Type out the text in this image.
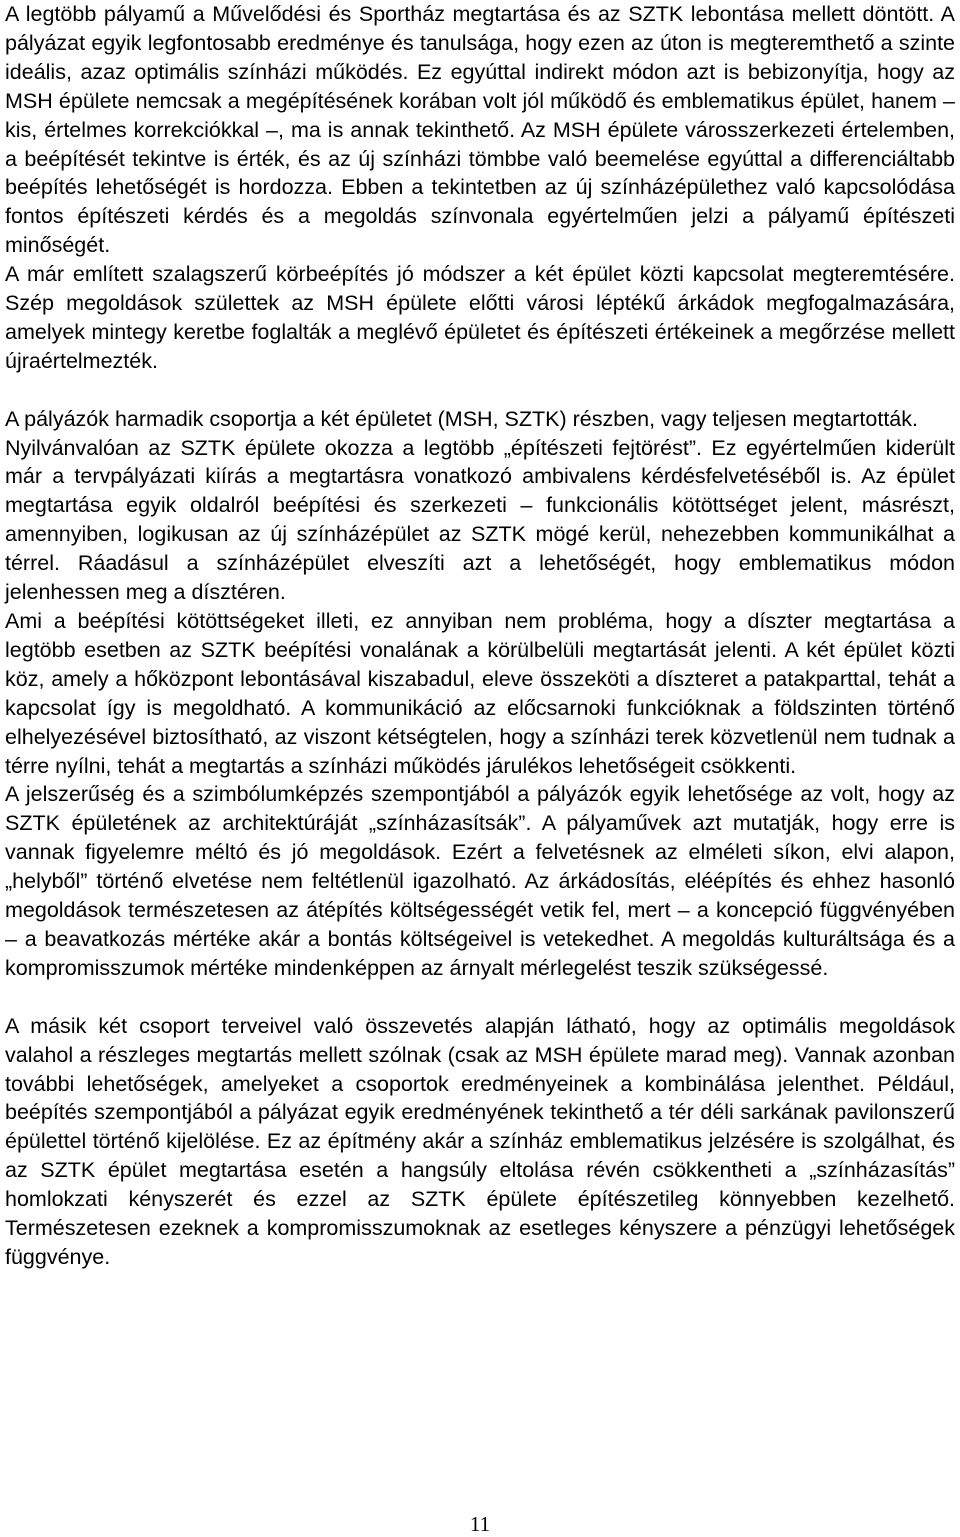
A legtöbb pályamű a Művelődési és Sportház megtartása és az SZTK lebontása mellett döntött. A pályázat egyik legfontosabb eredménye és tanulsága, hogy ezen az úton is megteremthető a szinte ideális, azaz optimális színházi működés. Ez egyúttal indirekt módon azt is bebizonyítja, hogy az MSH épülete nemcsak a megépítésének korában volt jól működő és emblematikus épület, hanem – kis, értelmes korrekciókkal –, ma is annak tekinthető. Az MSH épülete városszerkezeti értelemben, a beépítését tekintve is érték, és az új színházi tömbbe való beemelése egyúttal a differenciáltabb beépítés lehetőségét is hordozza. Ebben a tekintetben az új színházépülethez való kapcsolódása fontos építészeti kérdés és a megoldás színvonala egyértelműen jelzi a pályamű építészeti minőségét.

A már említett szalagszerű körbeépítés jó módszer a két épület közti kapcsolat megteremtésére. Szép megoldások születtek az MSH épülete előtti városi léptékű árkádok megfogalmazására, amelyek mintegy keretbe foglalták a meglévő épületet és építészeti értékeinek a megőrzése mellett újraértelmezték.

A pályázók harmadik csoportja a két épületet (MSH, SZTK) részben, vagy teljesen megtartották.

Nyilvánvalóan az SZTK épülete okozza a legtöbb „építészeti fejtörést”. Ez egyértelműen kiderült már a tervpályázati kiírás a megtartásra vonatkozó ambivalens kérdésfelvetéséből is. Az épület megtartása egyik oldalról beépítési és szerkezeti – funkcionális kötöttséget jelent, másrészt, amennyiben, logikusan az új színházépület az SZTK mögé kerül, nehezebben kommunikálhat a térrel. Ráadásul a színházépület elveszíti azt a lehetőségét, hogy emblematikus módon jelenhessen meg a dísztéren.

Ami a beépítési kötöttségeket illeti, ez annyiban nem probléma, hogy a díszter megtartása a legtöbb esetben az SZTK beépítési vonalának a körülbelüli megtartását jelenti. A két épület közti köz, amely a hőközpont lebontásával kiszabadul, eleve összeköti a díszteret a patakparttal, tehát a kapcsolat így is megoldható. A kommunikáció az előcsarnoki funkcióknak a földszinten történő elhelyezésével biztosítható, az viszont kétségtelen, hogy a színházi terek közvetlenül nem tudnak a térre nyílni, tehát a megtartás a színházi működés járulékos lehetőségeit csökkenti.

A jelszerűség és a szimbólumképzés szempontjából a pályázók egyik lehetősége az volt, hogy az SZTK épületének az architektúráját „színházasítsák”. A pályaművek azt mutatják, hogy erre is vannak figyelemre méltó és jó megoldások. Ezért a felvetésnek az elméleti síkon, elvi alapon, „helyből” történő elvetése nem feltétlenül igazolható. Az árkádosítás, eléépítés és ehhez hasonló megoldások természetesen az átépítés költségességét vetik fel, mert – a koncepció függvényében – a beavatkozás mértéke akár a bontás költségeivel is vetekedhet. A megoldás kulturáltsága és a kompromisszumok mértéke mindenképpen az árnyalt mérlegelést teszik szükségessé.

A másik két csoport terveivel való összevetés alapján látható, hogy az optimális megoldások valahol a részleges megtartás mellett szólnak (csak az MSH épülete marad meg). Vannak azonban további lehetőségek, amelyeket a csoportok eredményeinek a kombinálása jelenthet. Például, beépítés szempontjából a pályázat egyik eredményének tekinthető a tér déli sarkának pavilonszerű épülettel történő kijelölése. Ez az építmény akár a színház emblematikus jelzésére is szolgálhat, és az SZTK épület megtartása esetén a hangsúly eltolása révén csökkentheti a „színházasítás” homlokzati kényszerét és ezzel az SZTK épülete építészetileg könnyebben kezelhető. Természetesen ezeknek a kompromisszumoknak az esetleges kényszere a pénzügyi lehetőségek függvénye.

11
